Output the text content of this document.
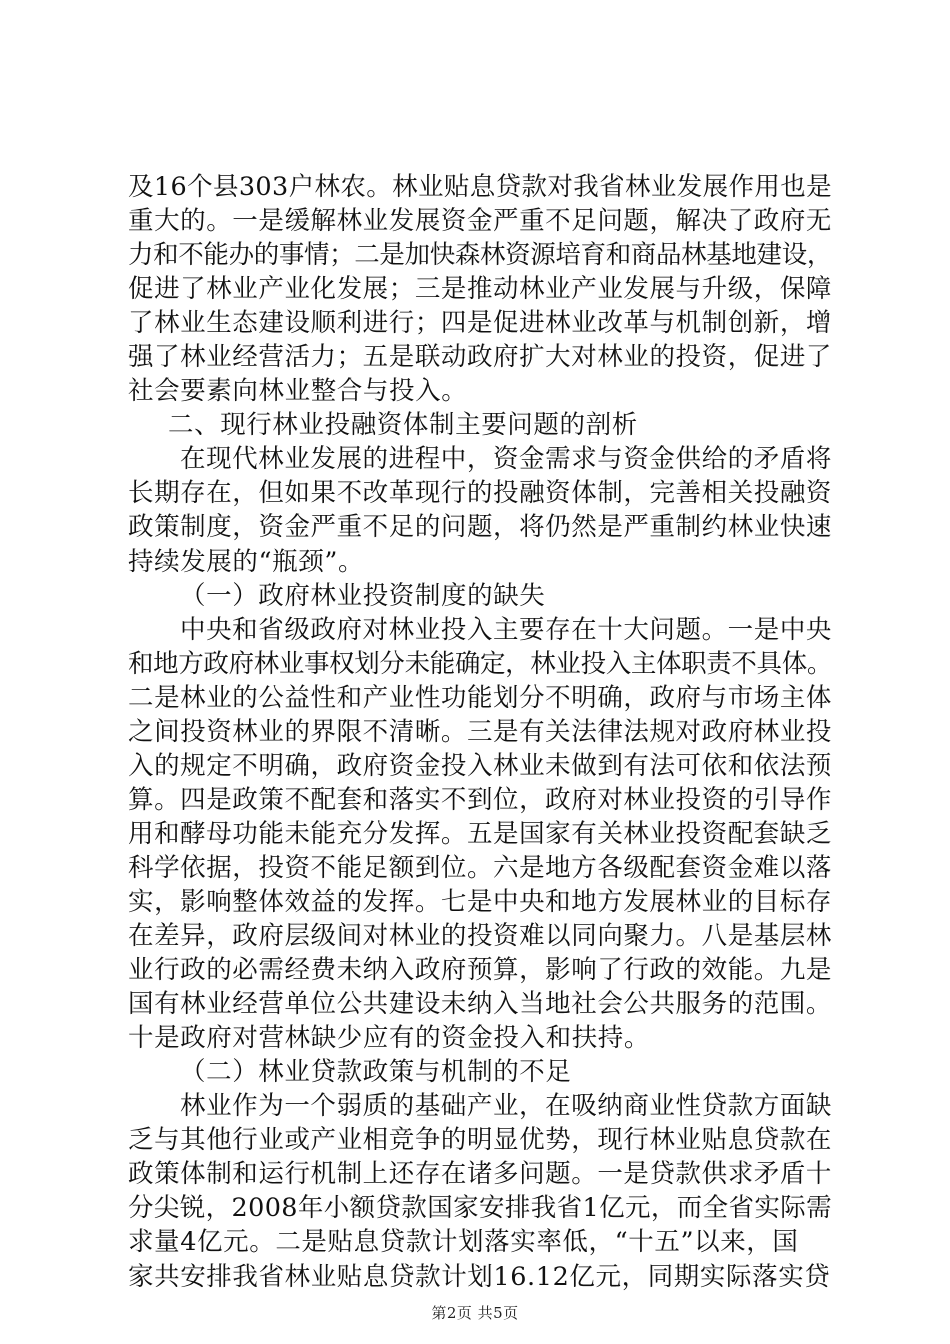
及16个县303户林农。林业贴息贷款对我省林业发展作用也是
重大的。一是缓解林业发展资金严重不足问题，解决了政府无
力和不能办的事情；二是加快森林资源培育和商品林基地建设，
促进了林业产业化发展；三是推动林业产业发展与升级，保障
了林业生态建设顺利进行；四是促进林业改革与机制创新，增
强了林业经营活力；五是联动政府扩大对林业的投资，促进了
社会要素向林业整合与投入。
二、现行林业投融资体制主要问题的剖析
在现代林业发展的进程中，资金需求与资金供给的矛盾将
长期存在，但如果不改革现行的投融资体制，完善相关投融资
政策制度，资金严重不足的问题，将仍然是严重制约林业快速
持续发展的“瓶颈”。
（一）政府林业投资制度的缺失
中央和省级政府对林业投入主要存在十大问题。一是中央
和地方政府林业事权划分未能确定，林业投入主体职责不具体。
二是林业的公益性和产业性功能划分不明确，政府与市场主体
之间投资林业的界限不清晰。三是有关法律法规对政府林业投
入的规定不明确，政府资金投入林业未做到有法可依和依法预
算。四是政策不配套和落实不到位，政府对林业投资的引导作
用和酵母功能未能充分发挥。五是国家有关林业投资配套缺乏
科学依据，投资不能足额到位。六是地方各级配套资金难以落
实，影响整体效益的发挥。七是中央和地方发展林业的目标存
在差异，政府层级间对林业的投资难以同向聚力。八是基层林
业行政的必需经费未纳入政府预算，影响了行政的效能。九是
国有林业经营单位公共建设未纳入当地社会公共服务的范围。
十是政府对营林缺少应有的资金投入和扶持。
（二）林业贷款政策与机制的不足
林业作为一个弱质的基础产业，在吸纳商业性贷款方面缺
乏与其他行业或产业相竞争的明显优势，现行林业贴息贷款在
政策体制和运行机制上还存在诸多问题。一是贷款供求矛盾十
分尖锐，2008年小额贷款国家安排我省1亿元，而全省实际需
求量4亿元。二是贴息贷款计划落实率低，“十五”以来，国
家共安排我省林业贴息贷款计划16.12亿元，同期实际落实贷
第2页 共5页
